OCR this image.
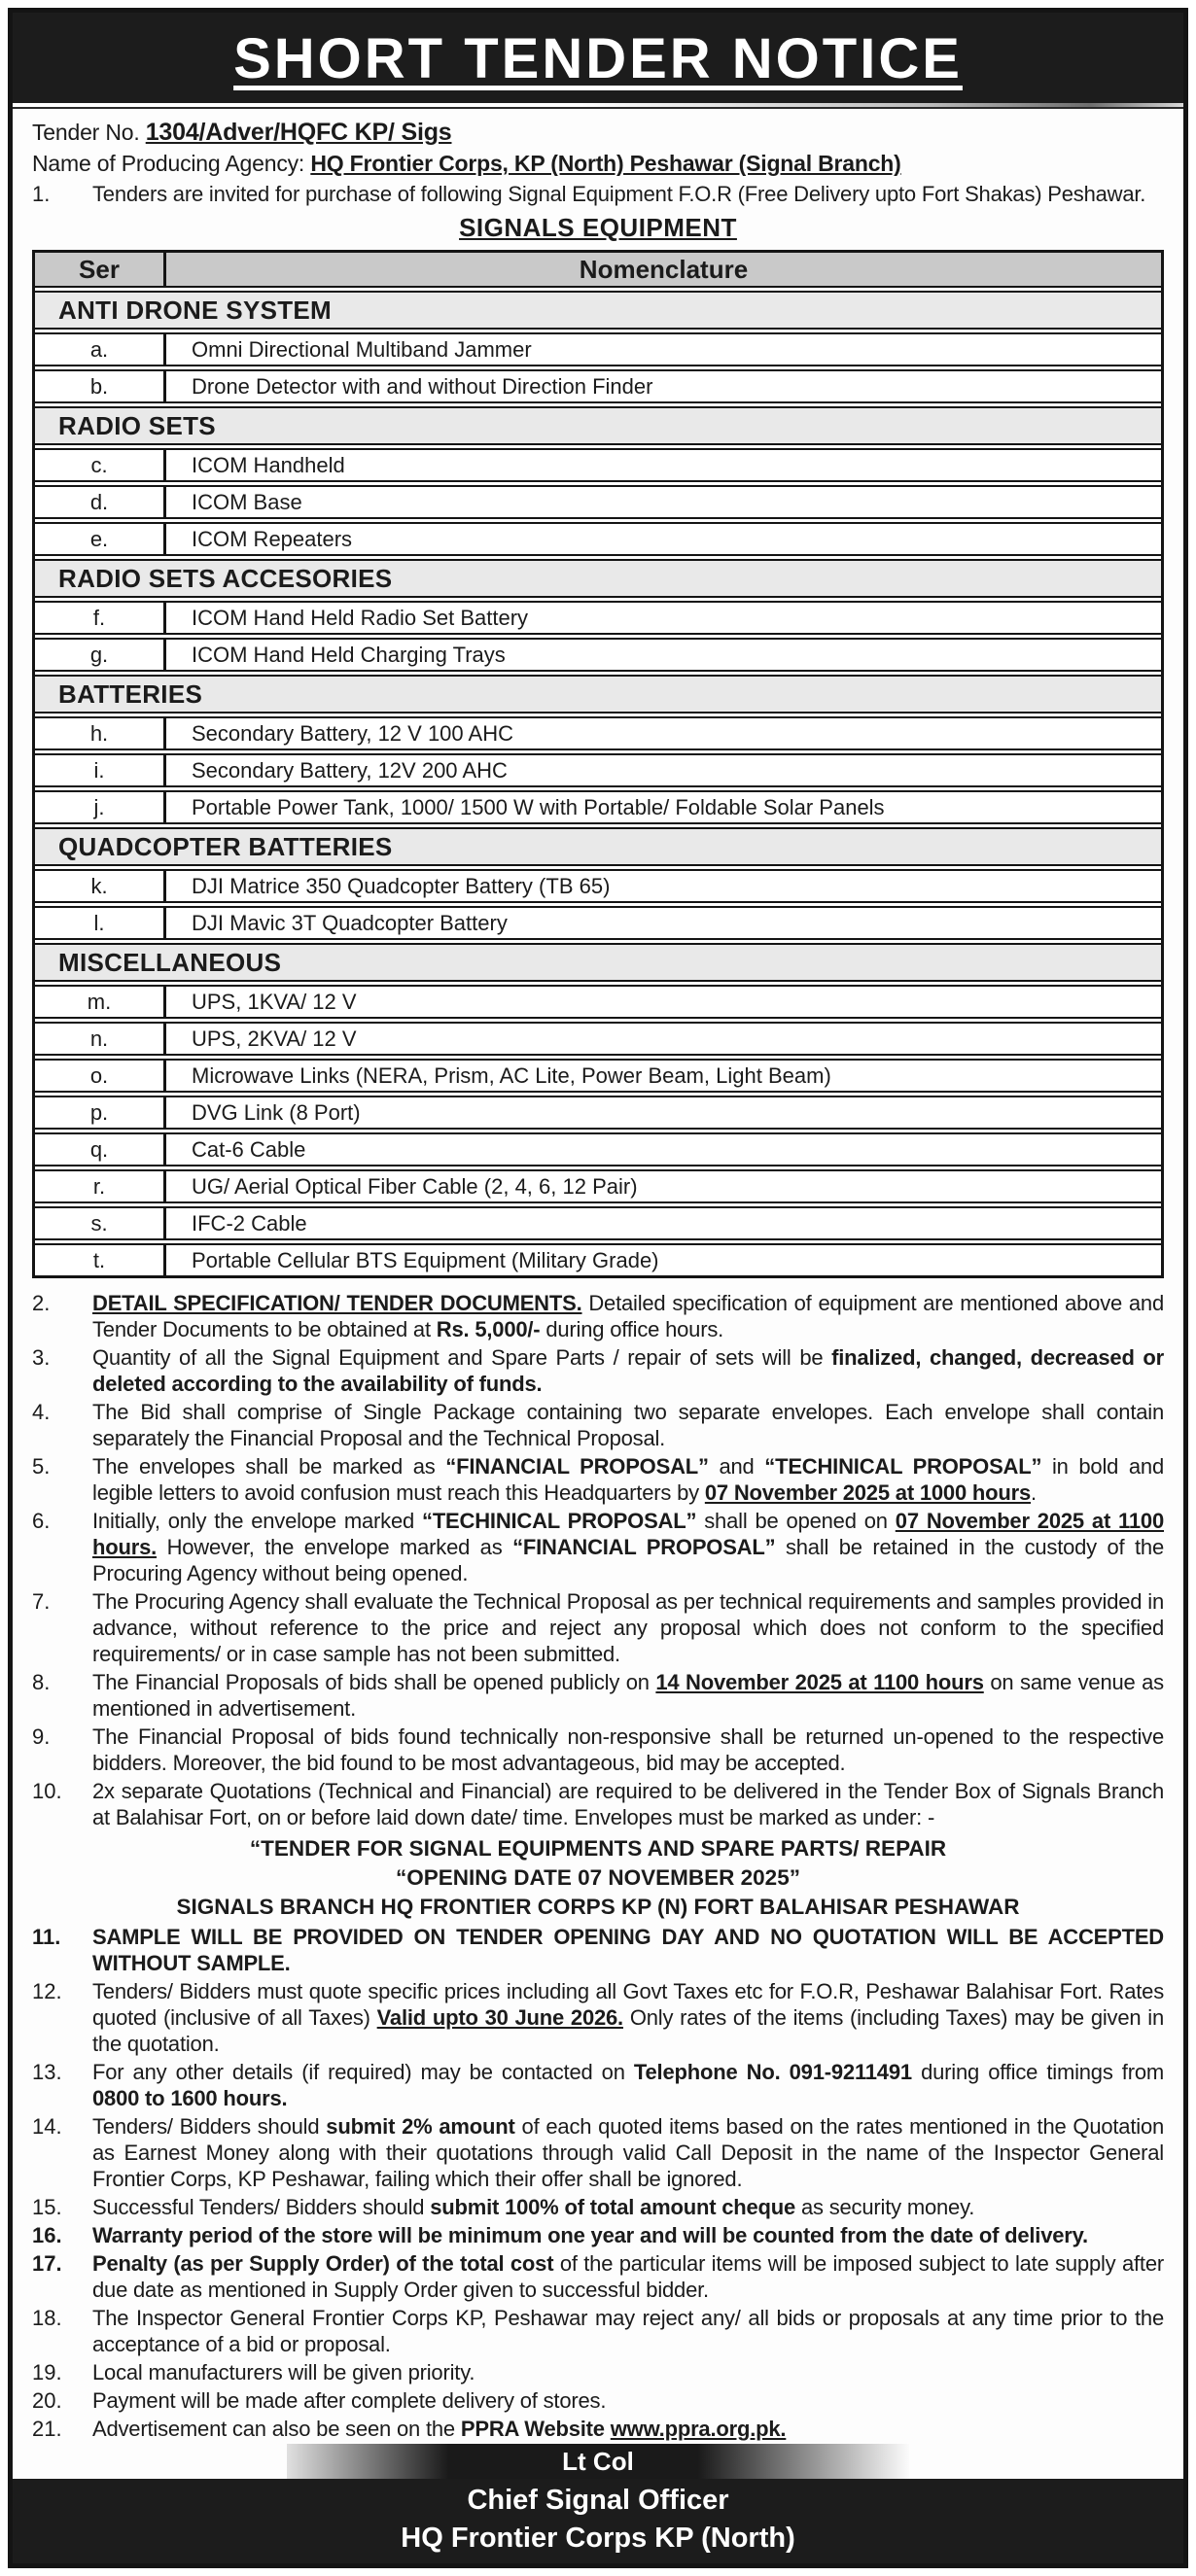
SHORT TENDER NOTICE
Tender No. 1304/Adver/HQFC KP/ Sigs
Name of Producing Agency: HQ Frontier Corps, KP (North) Peshawar (Signal Branch)
1.	Tenders are invited for purchase of following Signal Equipment F.O.R (Free Delivery upto Fort Shakas) Peshawar.
SIGNALS EQUIPMENT
Ser	Nomenclature
ANTI DRONE SYSTEM
a.	Omni Directional Multiband Jammer
b.	Drone Detector with and without Direction Finder
RADIO SETS
c.	ICOM Handheld
d.	ICOM Base
e.	ICOM Repeaters
RADIO SETS ACCESORIES
f.	ICOM Hand Held Radio Set Battery
g.	ICOM Hand Held Charging Trays
BATTERIES
h.	Secondary Battery, 12 V 100 AHC
i.	Secondary Battery, 12V 200 AHC
j.	Portable Power Tank, 1000/ 1500 W with Portable/ Foldable Solar Panels
QUADCOPTER BATTERIES
k.	DJI Matrice 350 Quadcopter Battery (TB 65)
l.	DJI Mavic 3T Quadcopter Battery
MISCELLANEOUS
m.	UPS, 1KVA/ 12 V
n.	UPS, 2KVA/ 12 V
o.	Microwave Links (NERA, Prism, AC Lite, Power Beam, Light Beam)
p.	DVG Link (8 Port)
q.	Cat-6 Cable
r.	UG/ Aerial Optical Fiber Cable (2, 4, 6, 12 Pair)
s.	IFC-2 Cable
t.	Portable Cellular BTS Equipment (Military Grade)
2.	DETAIL SPECIFICATION/ TENDER DOCUMENTS. Detailed specification of equipment are mentioned above and Tender Documents to be obtained at Rs. 5,000/- during office hours.
3.	Quantity of all the Signal Equipment and Spare Parts / repair of sets will be finalized, changed, decreased or deleted according to the availability of funds.
4.	The Bid shall comprise of Single Package containing two separate envelopes. Each envelope shall contain separately the Financial Proposal and the Technical Proposal.
5.	The envelopes shall be marked as “FINANCIAL PROPOSAL” and “TECHINICAL PROPOSAL” in bold and legible letters to avoid confusion must reach this Headquarters by 07 November 2025 at 1000 hours.
6.	Initially, only the envelope marked “TECHINICAL PROPOSAL” shall be opened on 07 November 2025 at 1100 hours. However, the envelope marked as “FINANCIAL PROPOSAL” shall be retained in the custody of the Procuring Agency without being opened.
7.	The Procuring Agency shall evaluate the Technical Proposal as per technical requirements and samples provided in advance, without reference to the price and reject any proposal which does not conform to the specified requirements/ or in case sample has not been submitted.
8.	The Financial Proposals of bids shall be opened publicly on 14 November 2025 at 1100 hours on same venue as mentioned in advertisement.
9.	The Financial Proposal of bids found technically non-responsive shall be returned un-opened to the respective bidders. Moreover, the bid found to be most advantageous, bid may be accepted.
10.	2x separate Quotations (Technical and Financial) are required to be delivered in the Tender Box of Signals Branch at Balahisar Fort, on or before laid down date/ time. Envelopes must be marked as under: -
“TENDER FOR SIGNAL EQUIPMENTS AND SPARE PARTS/ REPAIR
“OPENING DATE 07 NOVEMBER 2025”
SIGNALS BRANCH HQ FRONTIER CORPS KP (N) FORT BALAHISAR PESHAWAR
11.	SAMPLE WILL BE PROVIDED ON TENDER OPENING DAY AND NO QUOTATION WILL BE ACCEPTED WITHOUT SAMPLE.
12.	Tenders/ Bidders must quote specific prices including all Govt Taxes etc for F.O.R, Peshawar Balahisar Fort. Rates quoted (inclusive of all Taxes) Valid upto 30 June 2026. Only rates of the items (including Taxes) may be given in the quotation.
13.	For any other details (if required) may be contacted on Telephone No. 091-9211491 during office timings from 0800 to 1600 hours.
14.	Tenders/ Bidders should submit 2% amount of each quoted items based on the rates mentioned in the Quotation as Earnest Money along with their quotations through valid Call Deposit in the name of the Inspector General Frontier Corps, KP Peshawar, failing which their offer shall be ignored.
15.	Successful Tenders/ Bidders should submit 100% of total amount cheque as security money.
16.	Warranty period of the store will be minimum one year and will be counted from the date of delivery.
17.	Penalty (as per Supply Order) of the total cost of the particular items will be imposed subject to late supply after due date as mentioned in Supply Order given to successful bidder.
18.	The Inspector General Frontier Corps KP, Peshawar may reject any/ all bids or proposals at any time prior to the acceptance of a bid or proposal.
19.	Local manufacturers will be given priority.
20.	Payment will be made after complete delivery of stores.
21.	Advertisement can also be seen on the PPRA Website www.ppra.org.pk.
Lt Col
Chief Signal Officer
HQ Frontier Corps KP (North)
